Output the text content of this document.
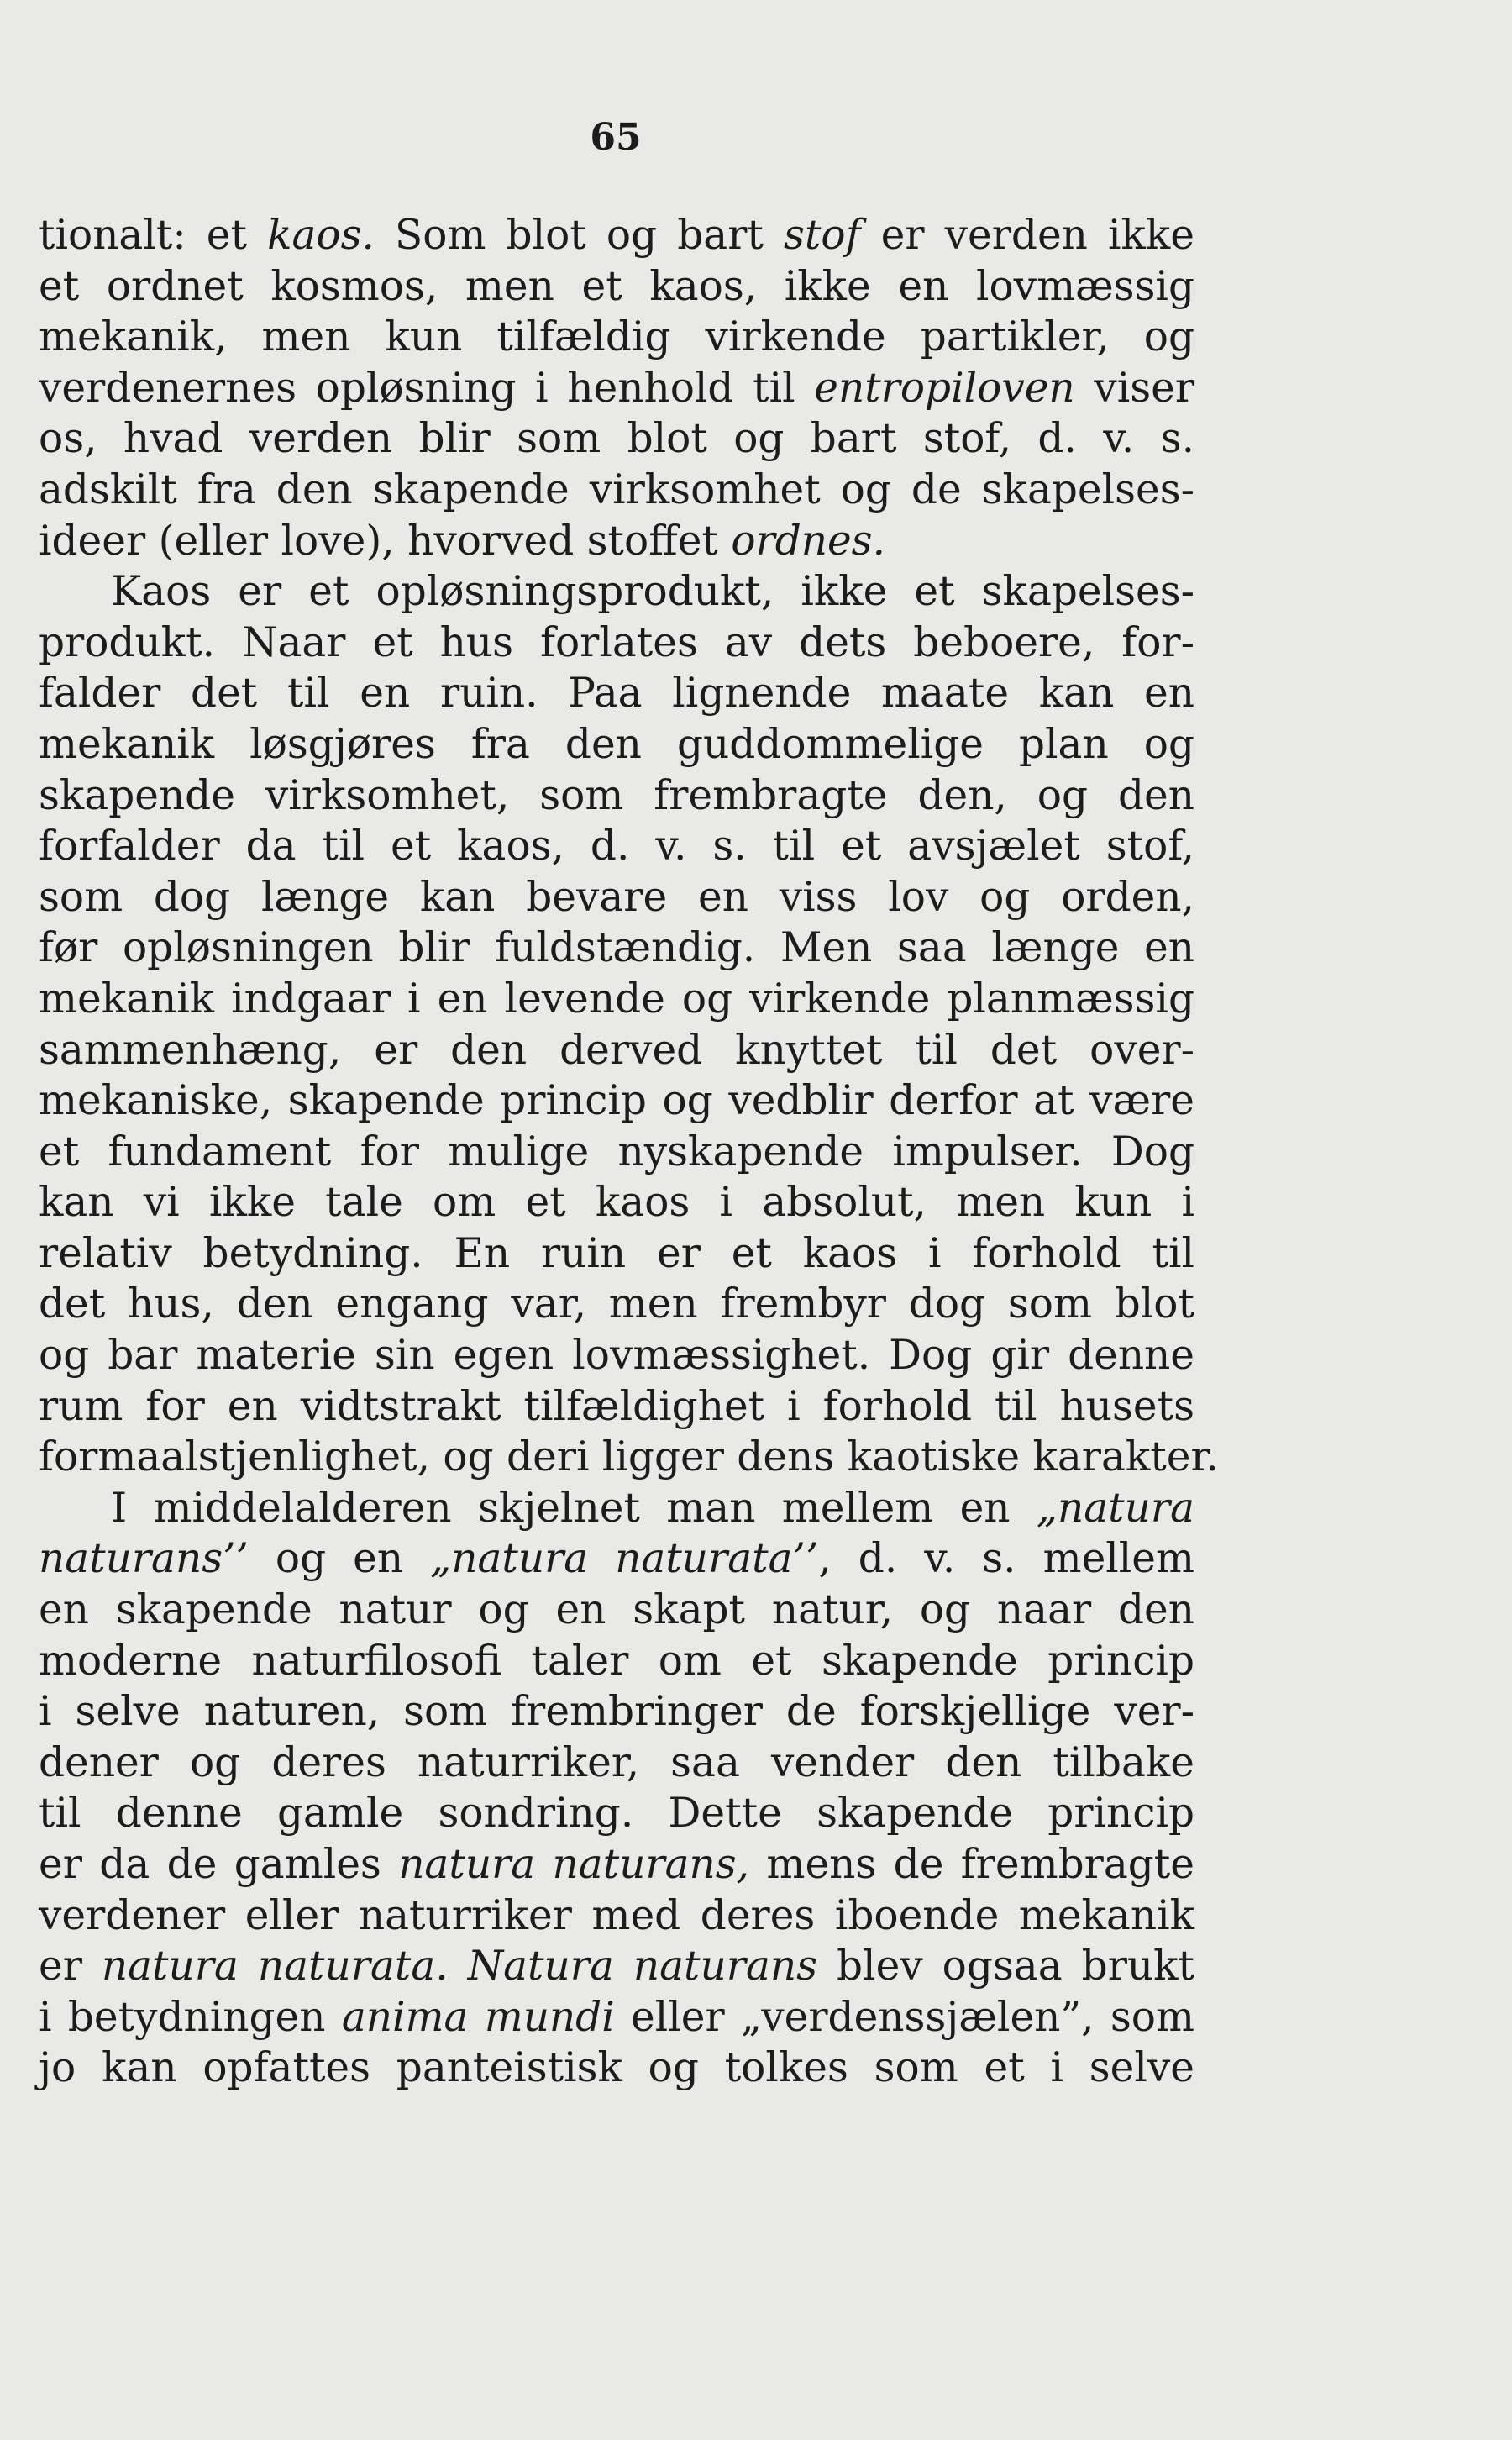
65
tionalt: et kaos. Som blot og bart stof er verden ikke
et ordnet kosmos, men et kaos, ikke en lovmæssig
mekanik, men kun tilfældig virkende partikler, og
verdenernes opløsning i henhold til entropiloven viser
os, hvad verden blir som blot og bart stof, d. v. s.
adskilt fra den skapende virksomhet og de skapelses-
ideer (eller love), hvorved stoffet ordnes.
Kaos er et opløsningsprodukt, ikke et skapelses-
produkt. Naar et hus forlates av dets beboere, for-
falder det til en ruin. Paa lignende maate kan en
mekanik løsgjøres fra den guddommelige plan og
skapende virksomhet, som frembragte den, og den
forfalder da til et kaos, d. v. s. til et avsjælet stof,
som dog længe kan bevare en viss lov og orden,
før opløsningen blir fuldstændig. Men saa længe en
mekanik indgaar i en levende og virkende planmæssig
sammenhæng, er den derved knyttet til det over-
mekaniske, skapende princip og vedblir derfor at være
et fundament for mulige nyskapende impulser. Dog
kan vi ikke tale om et kaos i absolut, men kun i
relativ betydning. En ruin er et kaos i forhold til
det hus, den engang var, men frembyr dog som blot
og bar materie sin egen lovmæssighet. Dog gir denne
rum for en vidtstrakt tilfældighet i forhold til husets
formaalstjenlighet, og deri ligger dens kaotiske karakter.
I middelalderen skjelnet man mellem en „natura
naturans’’ og en „natura naturata’’, d. v. s. mellem
en skapende natur og en skapt natur, og naar den
moderne naturfilosofi taler om et skapende princip
i selve naturen, som frembringer de forskjellige ver-
dener og deres naturriker, saa vender den tilbake
til denne gamle sondring. Dette skapende princip
er da de gamles natura naturans, mens de frembragte
verdener eller naturriker med deres iboende mekanik
er natura naturata. Natura naturans blev ogsaa brukt
i betydningen anima mundi eller „verdenssjælen”, som
jo kan opfattes panteistisk og tolkes som et i selve
